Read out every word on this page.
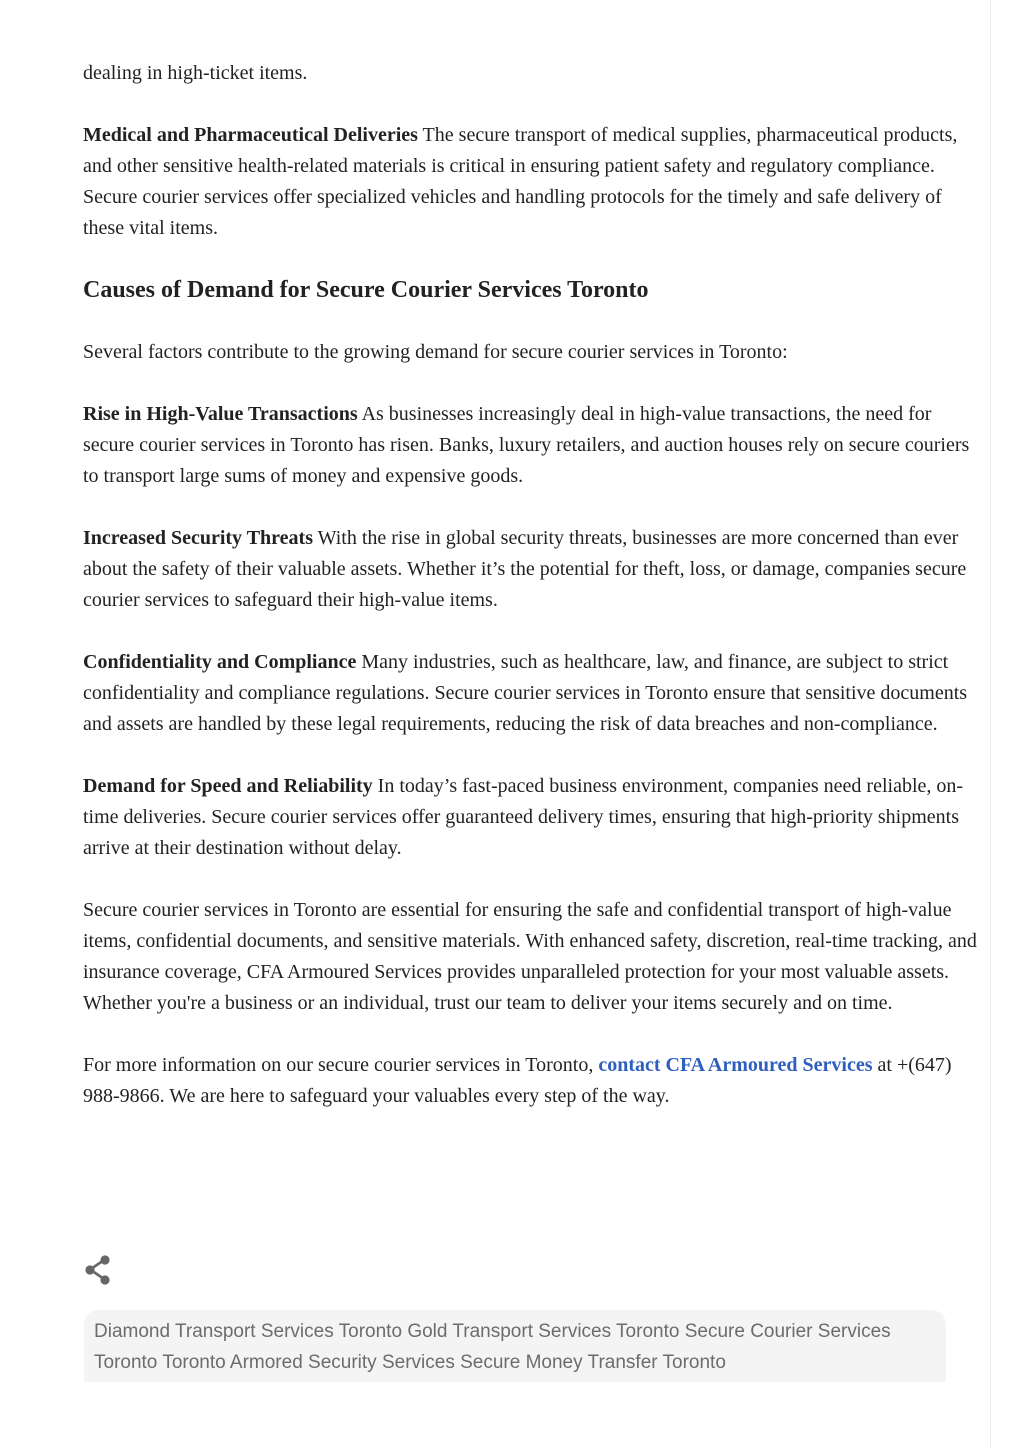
dealing in high-ticket items.

Medical and Pharmaceutical Deliveries The secure transport of medical supplies, pharmaceutical products, and other sensitive health-related materials is critical in ensuring patient safety and regulatory compliance. Secure courier services offer specialized vehicles and handling protocols for the timely and safe delivery of these vital items.

Causes of Demand for Secure Courier Services Toronto

Several factors contribute to the growing demand for secure courier services in Toronto:

Rise in High-Value Transactions As businesses increasingly deal in high-value transactions, the need for secure courier services in Toronto has risen. Banks, luxury retailers, and auction houses rely on secure couriers to transport large sums of money and expensive goods.

Increased Security Threats With the rise in global security threats, businesses are more concerned than ever about the safety of their valuable assets. Whether it’s the potential for theft, loss, or damage, companies secure courier services to safeguard their high-value items.

Confidentiality and Compliance Many industries, such as healthcare, law, and finance, are subject to strict confidentiality and compliance regulations. Secure courier services in Toronto ensure that sensitive documents and assets are handled by these legal requirements, reducing the risk of data breaches and non-compliance.

Demand for Speed and Reliability In today’s fast-paced business environment, companies need reliable, on-time deliveries. Secure courier services offer guaranteed delivery times, ensuring that high-priority shipments arrive at their destination without delay.

Secure courier services in Toronto are essential for ensuring the safe and confidential transport of high-value items, confidential documents, and sensitive materials. With enhanced safety, discretion, real-time tracking, and insurance coverage, CFA Armoured Services provides unparalleled protection for your most valuable assets. Whether you're a business or an individual, trust our team to deliver your items securely and on time.

For more information on our secure courier services in Toronto, contact CFA Armoured Services at +(647) 988-9866. We are here to safeguard your valuables every step of the way.

Diamond Transport Services Toronto Gold Transport Services Toronto Secure Courier Services Toronto Toronto Armored Security Services Secure Money Transfer Toronto
